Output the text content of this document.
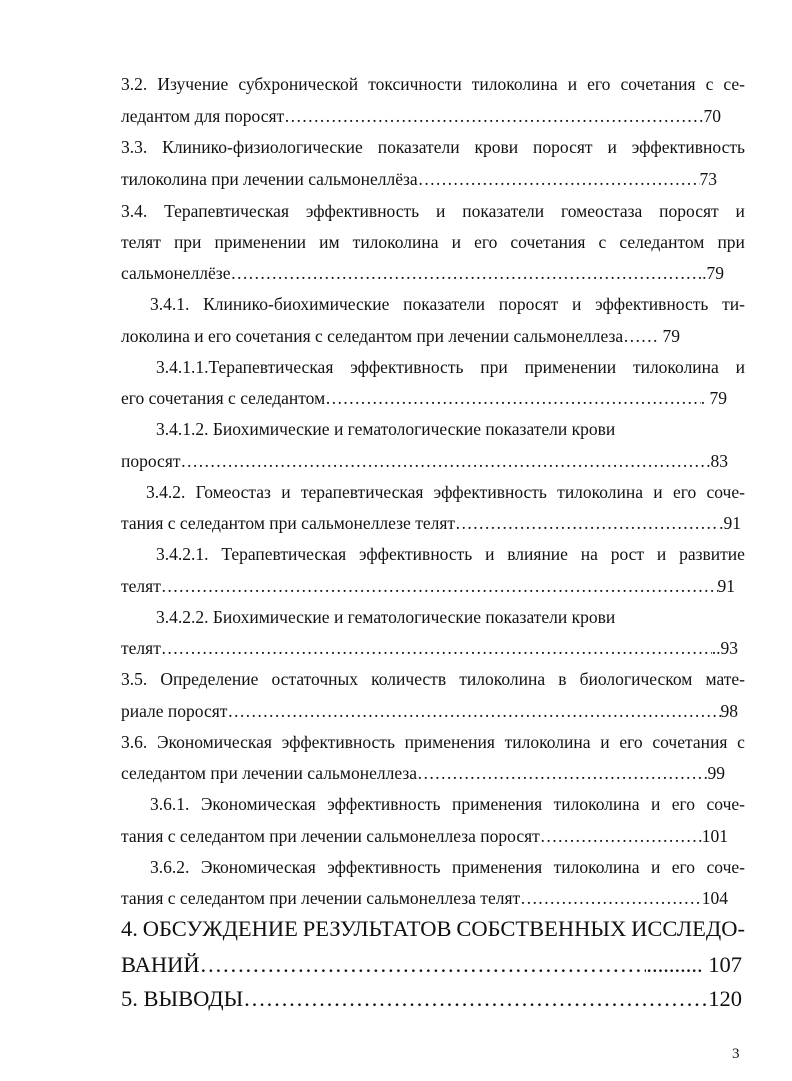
3.2. Изучение субхронической токсичности тилоколина и его сочетания с се-
ледантом для поросят ……………………………………………………………………………………………………………………………………………………	70
3.3. Клинико-физиологические показатели крови поросят и эффективность
тилоколина при лечении сальмонеллёза ……………………………………………………………………………………………………………………………………………………	73
3.4. Терапевтическая эффективность и показатели гомеостаза поросят и
телят при применении им тилоколина и его сочетания с селедантом при
сальмонеллёзе ……………………………………………………………………………………………………………………………………………………	..79
3.4.1. Клинико-биохимические показатели поросят и эффективность ти-
локолина и его сочетания с селедантом при лечении сальмонеллеза…… 79
3.4.1.1.Терапевтическая эффективность при применении тилоколина и
его сочетания с селедантом ……………………………………………………………………………………………………………………………………………………	. 79
3.4.1.2. Биохимические и гематологические показатели крови
поросят ……………………………………………………………………………………………………………………………………………………	83
3.4.2. Гомеостаз и терапевтическая эффективность тилоколина и его соче-
тания с селедантом при сальмонеллезе телят ……………………………………………………………………………………………………………………………………………………	.91
3.4.2.1. Терапевтическая эффективность и влияние на рост и развитие
телят ……………………………………………………………………………………………………………………………………………………	91
3.4.2.2. Биохимические и гематологические показатели крови
телят ……………………………………………………………………………………………………………………………………………………	..93
3.5. Определение остаточных количеств тилоколина в биологическом мате-
риале поросят ……………………………………………………………………………………………………………………………………………………	98
3.6. Экономическая эффективность применения тилоколина и его сочетания с
селедантом при лечении сальмонеллеза ……………………………………………………………………………………………………………………………………………………	99
3.6.1. Экономическая эффективность применения тилоколина и его соче-
тания с селедантом при лечении сальмонеллеза поросят ……………………………………………………………………………………………………………………………………………………	101
3.6.2. Экономическая эффективность применения тилоколина и его соче-
тания с селедантом при лечении сальмонеллеза телят ……………………………………………………………………………………………………………………………………………………	104
4. ОБСУЖДЕНИЕ РЕЗУЛЬТАТОВ СОБСТВЕННЫХ ИССЛЕДО-
ВАНИЙ ……………………………………………………………………………………………………………………………………………………	.......... 107
5. ВЫВОДЫ ……………………………………………………………………………………………………………………………………………………	120
3
